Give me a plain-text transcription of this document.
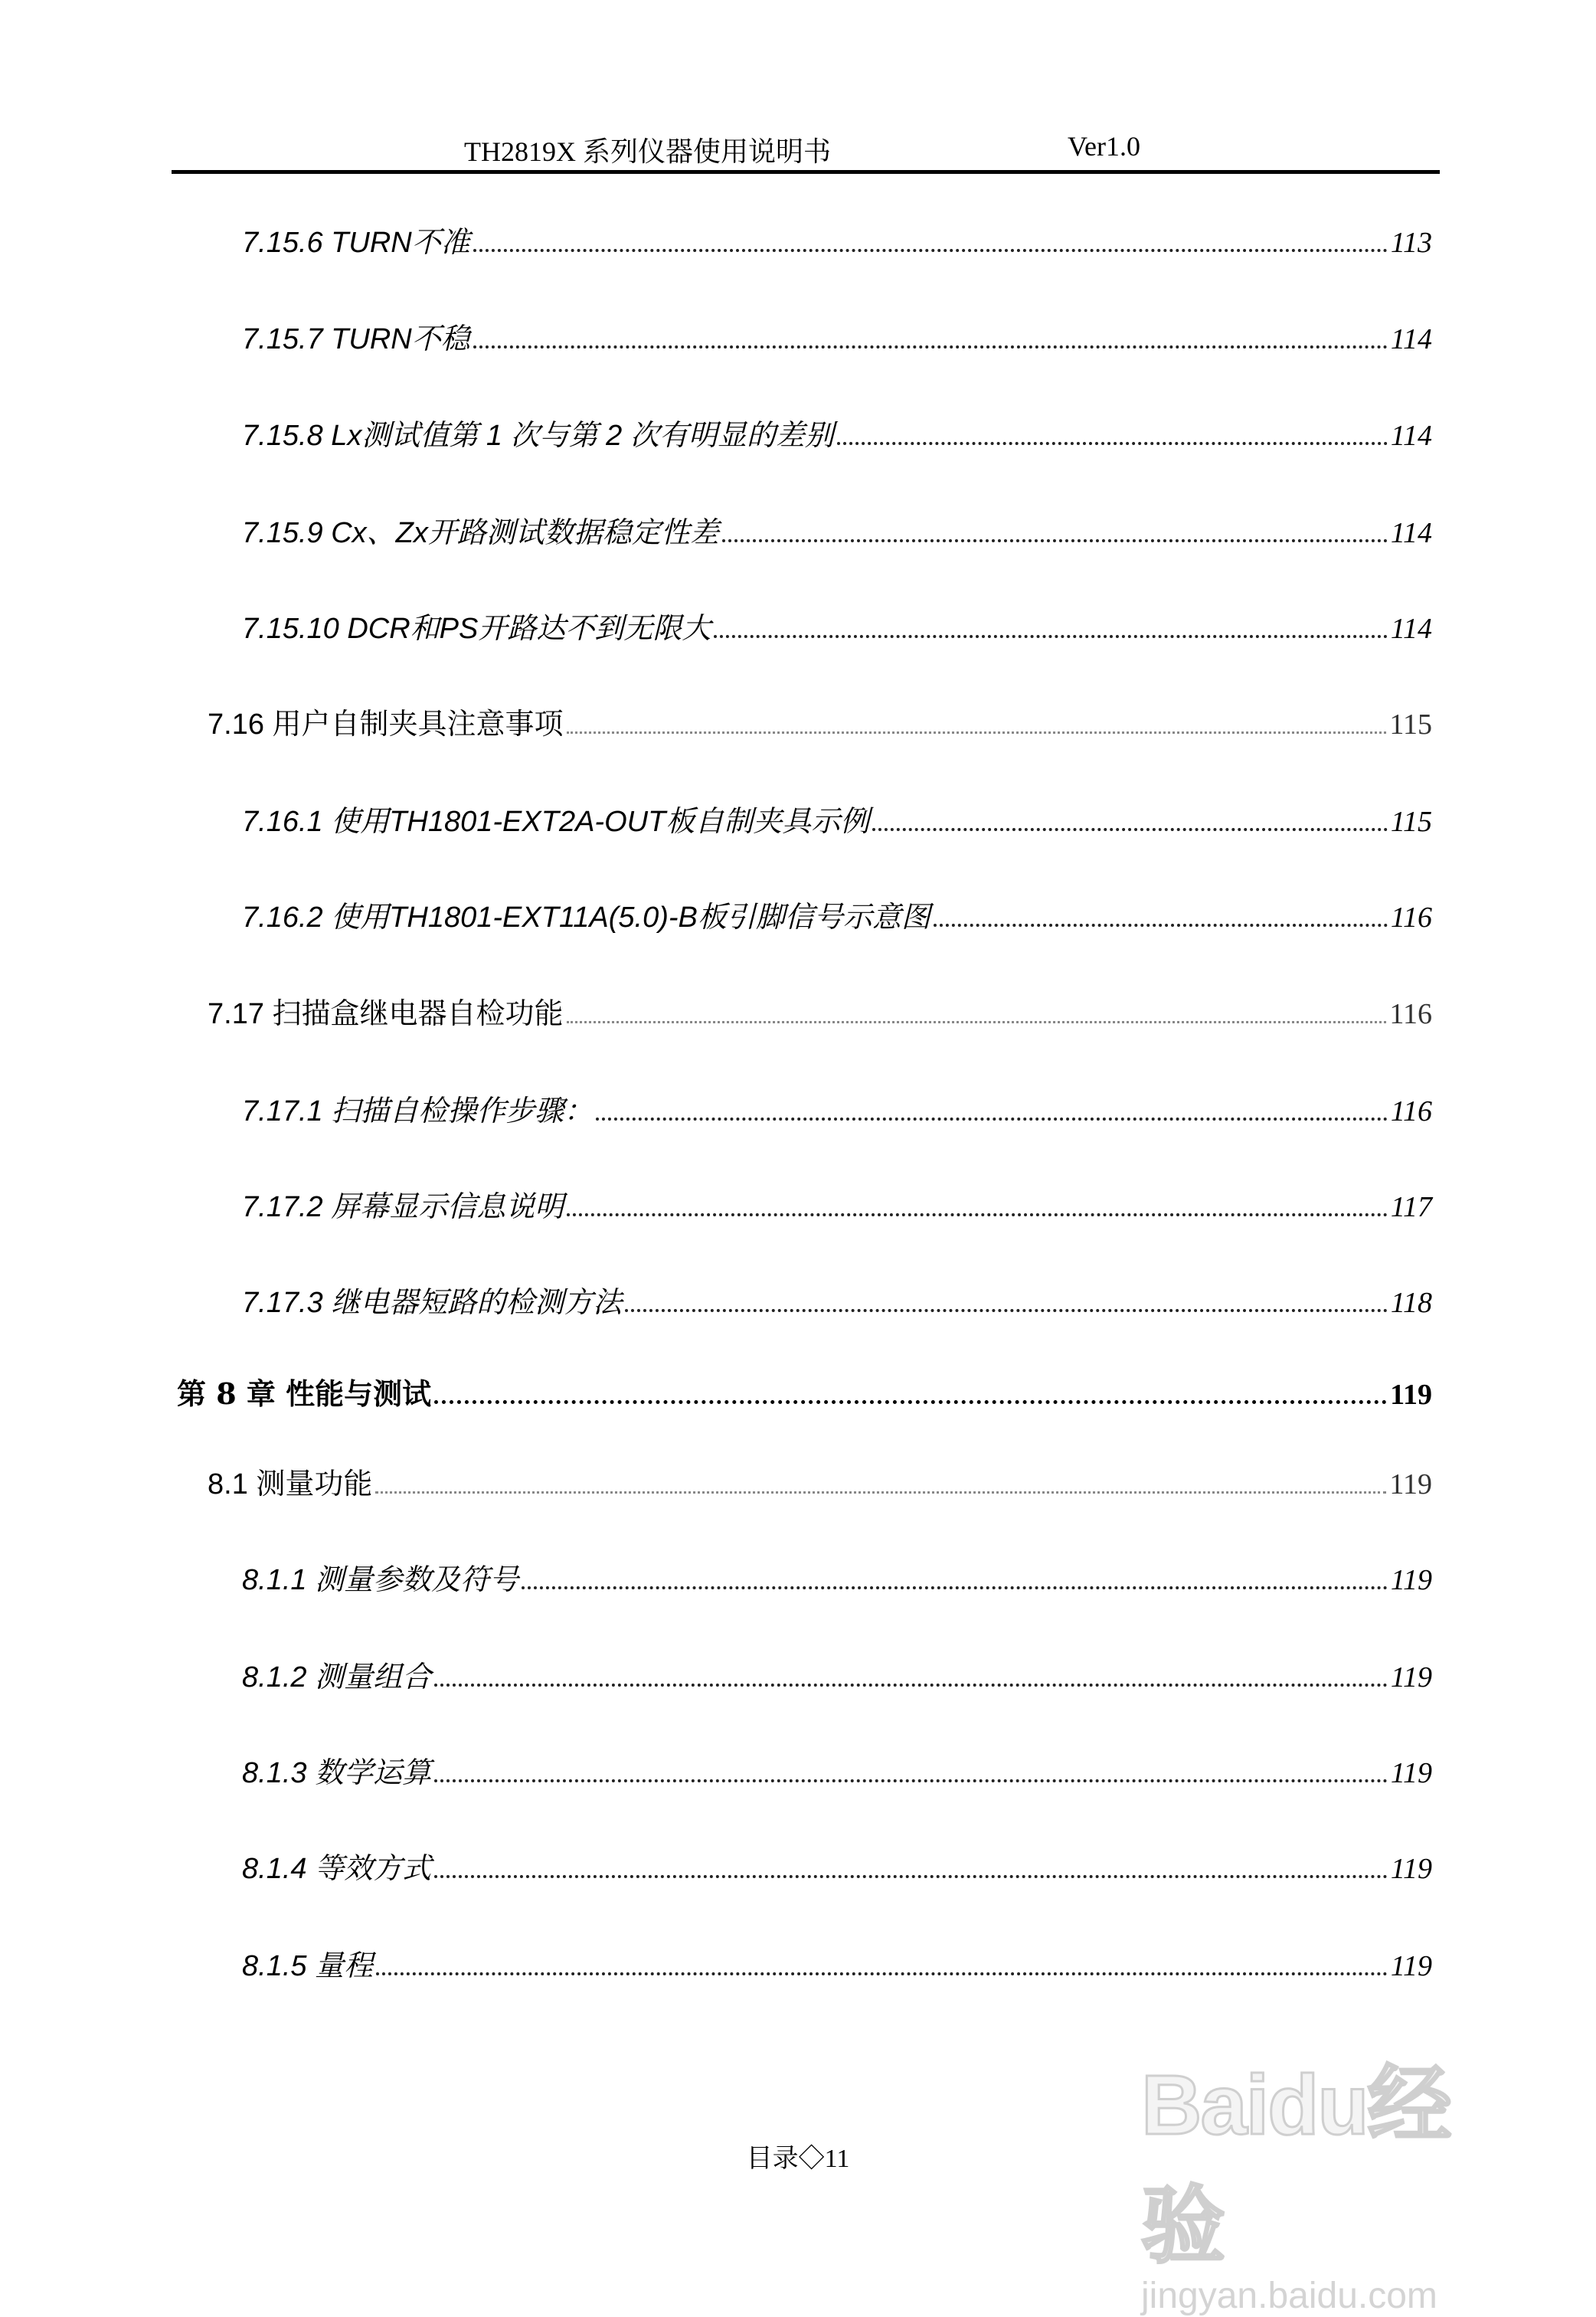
TH2819X 系列仪器使用说明书	Ver1.0
7.15.6 TURN不准	113
7.15.7 TURN不稳	114
7.15.8 Lx测试值第 1 次与第 2 次有明显的差别	114
7.15.9 Cx、Zx开路测试数据稳定性差	114
7.15.10 DCR和PS开路达不到无限大	114
7.16 用户自制夹具注意事项	115
7.16.1 使用TH1801-EXT2A-OUT板自制夹具示例	115
7.16.2 使用TH1801-EXT11A(5.0)-B板引脚信号示意图	116
7.17 扫描盒继电器自检功能	116
7.17.1 扫描自检操作步骤：	116
7.17.2 屏幕显示信息说明	117
7.17.3 继电器短路的检测方法	118
第 8 章 性能与测试	119
8.1 测量功能	119
8.1.1 测量参数及符号	119
8.1.2 测量组合	119
8.1.3 数学运算	119
8.1.4 等效方式	119
8.1.5 量程	119
目录◇11
Baidu经验
jingyan.baidu.com
